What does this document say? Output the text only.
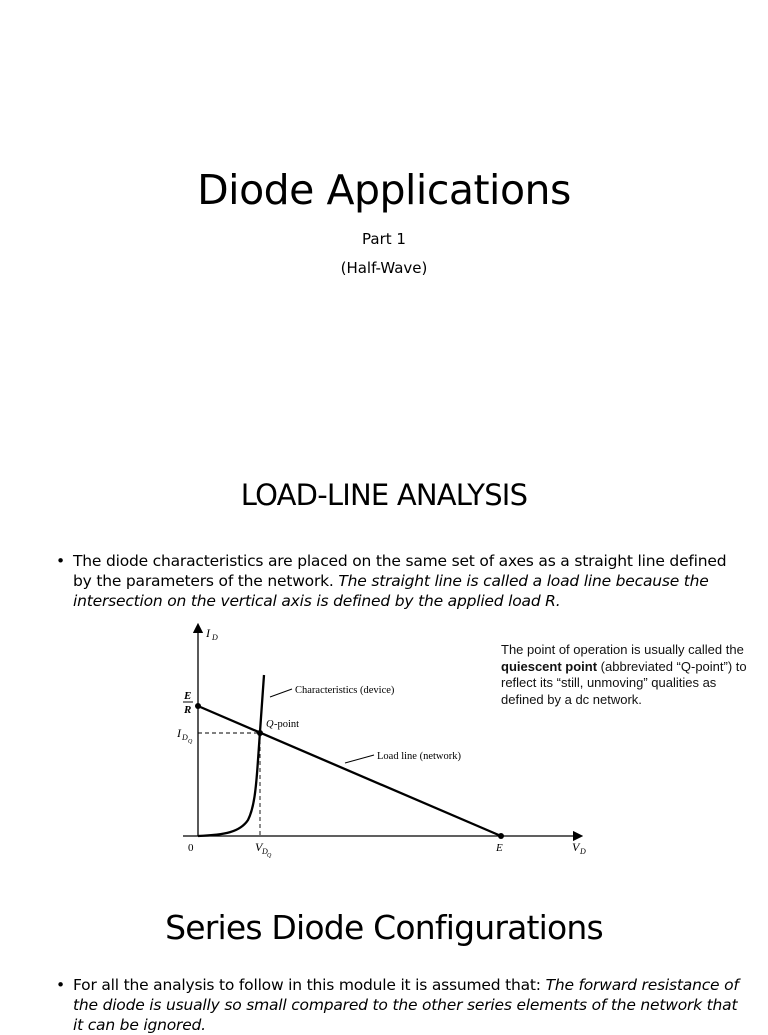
Diode Applications
Part 1
(Half-Wave)
LOAD-LINE ANALYSIS
• The diode characteristics are placed on the same set of axes as a straight line defined by the parameters of the network. The straight line is called a load line because the intersection on the vertical axis is defined by the applied load R.
The point of operation is usually called the quiescent point (abbreviated “Q-point”) to reflect its “still, unmoving” qualities as defined by a dc network.
I D
V D
0
E
R
I D Q
V D Q
E
Characteristics (device)
Q -point
Load line (network)
Series Diode Configurations
• For all the analysis to follow in this module it is assumed that: The forward resistance of the diode is usually so small compared to the other series elements of the network that it can be ignored.
